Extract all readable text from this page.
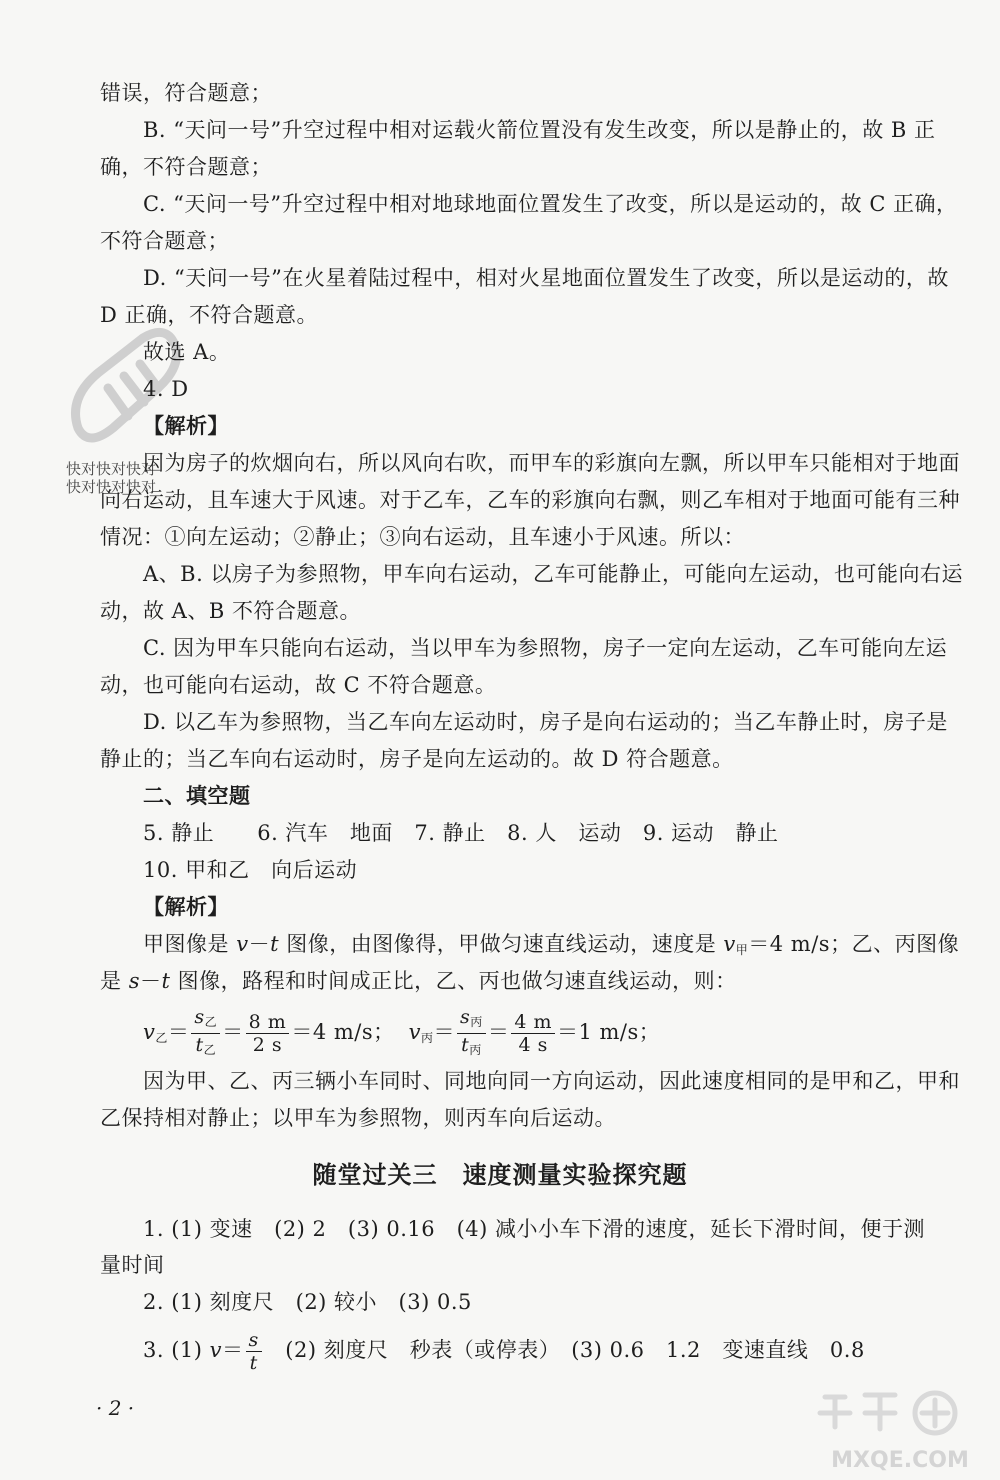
错误，符合题意；
B. “天问一号”升空过程中相对运载火箭位置没有发生改变，所以是静止的，故 B 正
确，不符合题意；
C. “天问一号”升空过程中相对地球地面位置发生了改变，所以是运动的，故 C 正确，
不符合题意；
D. “天问一号”在火星着陆过程中，相对火星地面位置发生了改变，所以是运动的，故
D 正确，不符合题意。
故选 A。
4. D
【解析】
快对快对快对
快对快对快对
因为房子的炊烟向右，所以风向右吹，而甲车的彩旗向左飘，所以甲车只能相对于地面
向右运动，且车速大于风速。对于乙车，乙车的彩旗向右飘，则乙车相对于地面可能有三种
情况：①向左运动；②静止；③向右运动，且车速小于风速。所以：
A、B. 以房子为参照物，甲车向右运动，乙车可能静止，可能向左运动，也可能向右运
动，故 A、B 不符合题意。
C. 因为甲车只能向右运动，当以甲车为参照物，房子一定向左运动，乙车可能向左运
动，也可能向右运动，故 C 不符合题意。
D. 以乙车为参照物，当乙车向左运动时，房子是向右运动的；当乙车静止时，房子是
静止的；当乙车向右运动时，房子是向左运动的。故 D 符合题意。
二、填空题
5. 静止　　6. 汽车　地面　7. 静止　8. 人　运动　9. 运动　静止
10. 甲和乙　向后运动
【解析】
甲图像是 v－t 图像，由图像得，甲做匀速直线运动，速度是 $v_甲=4$ m/s；乙、丙图像
是 s－t 图像，路程和时间成正比，乙、丙也做匀速直线运动，则：
$v_乙= \frac{s_乙}{t_乙} = \frac{8 m}{2 s} =4$ m/s； $v_丙= \frac{s_丙}{t_丙} = \frac{4 m}{4 s} =1$ m/s；
因为甲、乙、丙三辆小车同时、同地向同一方向运动，因此速度相同的是甲和乙，甲和
乙保持相对静止；以甲车为参照物，则丙车向后运动。
随堂过关三　速度测量实验探究题
1. (1) 变速　(2) 2　(3) 0.16　(4) 减小小车下滑的速度，延长下滑时间，便于测
量时间
2. (1) 刻度尺　(2) 较小　(3) 0.5
3. (1) $v= \frac{s}{t}$ 　(2) 刻度尺　秒表（或停表）　(3) 0.6　1.2　变速直线　0.8
· 2 ·
MXQE.COM
